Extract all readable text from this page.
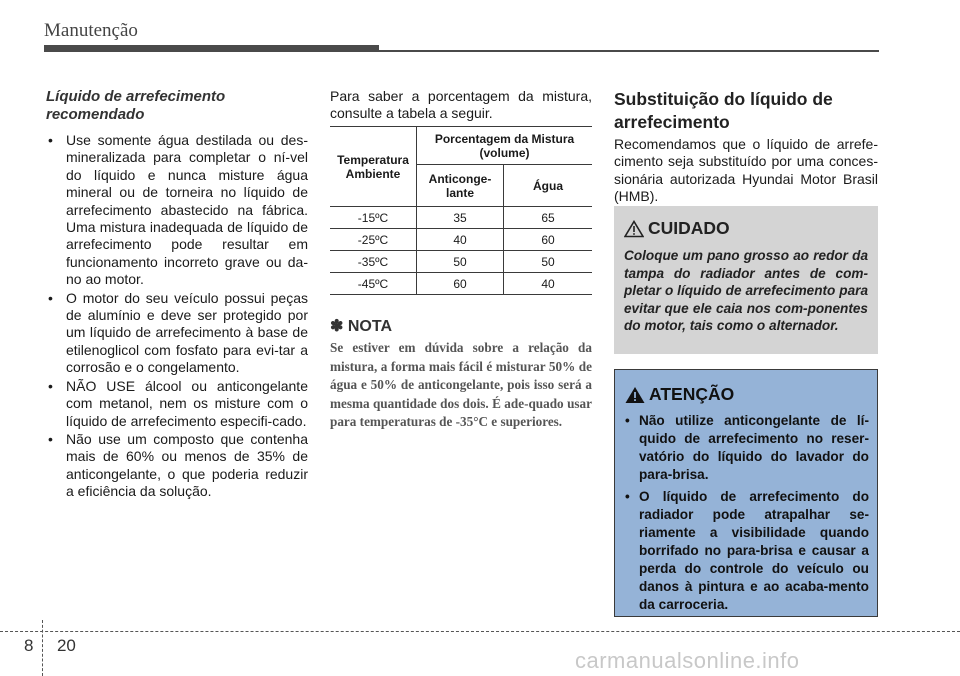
Manutenção

Líquido de arrefecimento recomendado

• Use somente água destilada ou des-mineralizada para completar o ní-vel do líquido e nunca misture água mineral ou de torneira no líquido de arrefecimento abastecido na fábrica. Uma mistura inadequada de líquido de arrefecimento pode resultar em funcionamento incorreto grave ou da-no ao motor.
• O motor do seu veículo possui peças de alumínio e deve ser protegido por um líquido de arrefecimento à base de etilenoglicol com fosfato para evi-tar a corrosão e o congelamento.
• NÃO USE álcool ou anticongelante com metanol, nem os misture com o líquido de arrefecimento especifi-cado.
• Não use um composto que contenha mais de 60% ou menos de 35% de anticongelante, o que poderia reduzir a eficiência da solução.

Para saber a porcentagem da mistura, consulte a tabela a seguir.

Temperatura Ambiente	Porcentagem da Mistura (volume)	
	Anticonge-lante	Água
-15ºC	35	65
-25ºC	40	60
-35ºC	50	50
-45ºC	60	40
✽ NOTA

Se estiver em dúvida sobre a relação da mistura, a forma mais fácil é misturar 50% de água e 50% de anticongelante, pois isso será a mesma quantidade dos dois. É ade-quado usar para temperaturas de -35°C e superiores.

Substituição do líquido de arrefecimento

Recomendamos que o líquido de arrefe-cimento seja substituído por uma conces-sionária autorizada Hyundai Motor Brasil (HMB).

CUIDADO

Coloque um pano grosso ao redor da tampa do radiador antes de com-pletar o líquido de arrefecimento para evitar que ele caia nos com-ponentes do motor, tais como o alternador.

ATENÇÃO
• Não utilize anticongelante de lí-quido de arrefecimento no reser-vatório do líquido do lavador do para-brisa.
• O líquido de arrefecimento do radiador pode atrapalhar se-riamente a visibilidade quando borrifado no para-brisa e causar a perda do controle do veículo ou danos à pintura e ao acaba-mento da carroceria.
8 20
carmanualsonline.info
